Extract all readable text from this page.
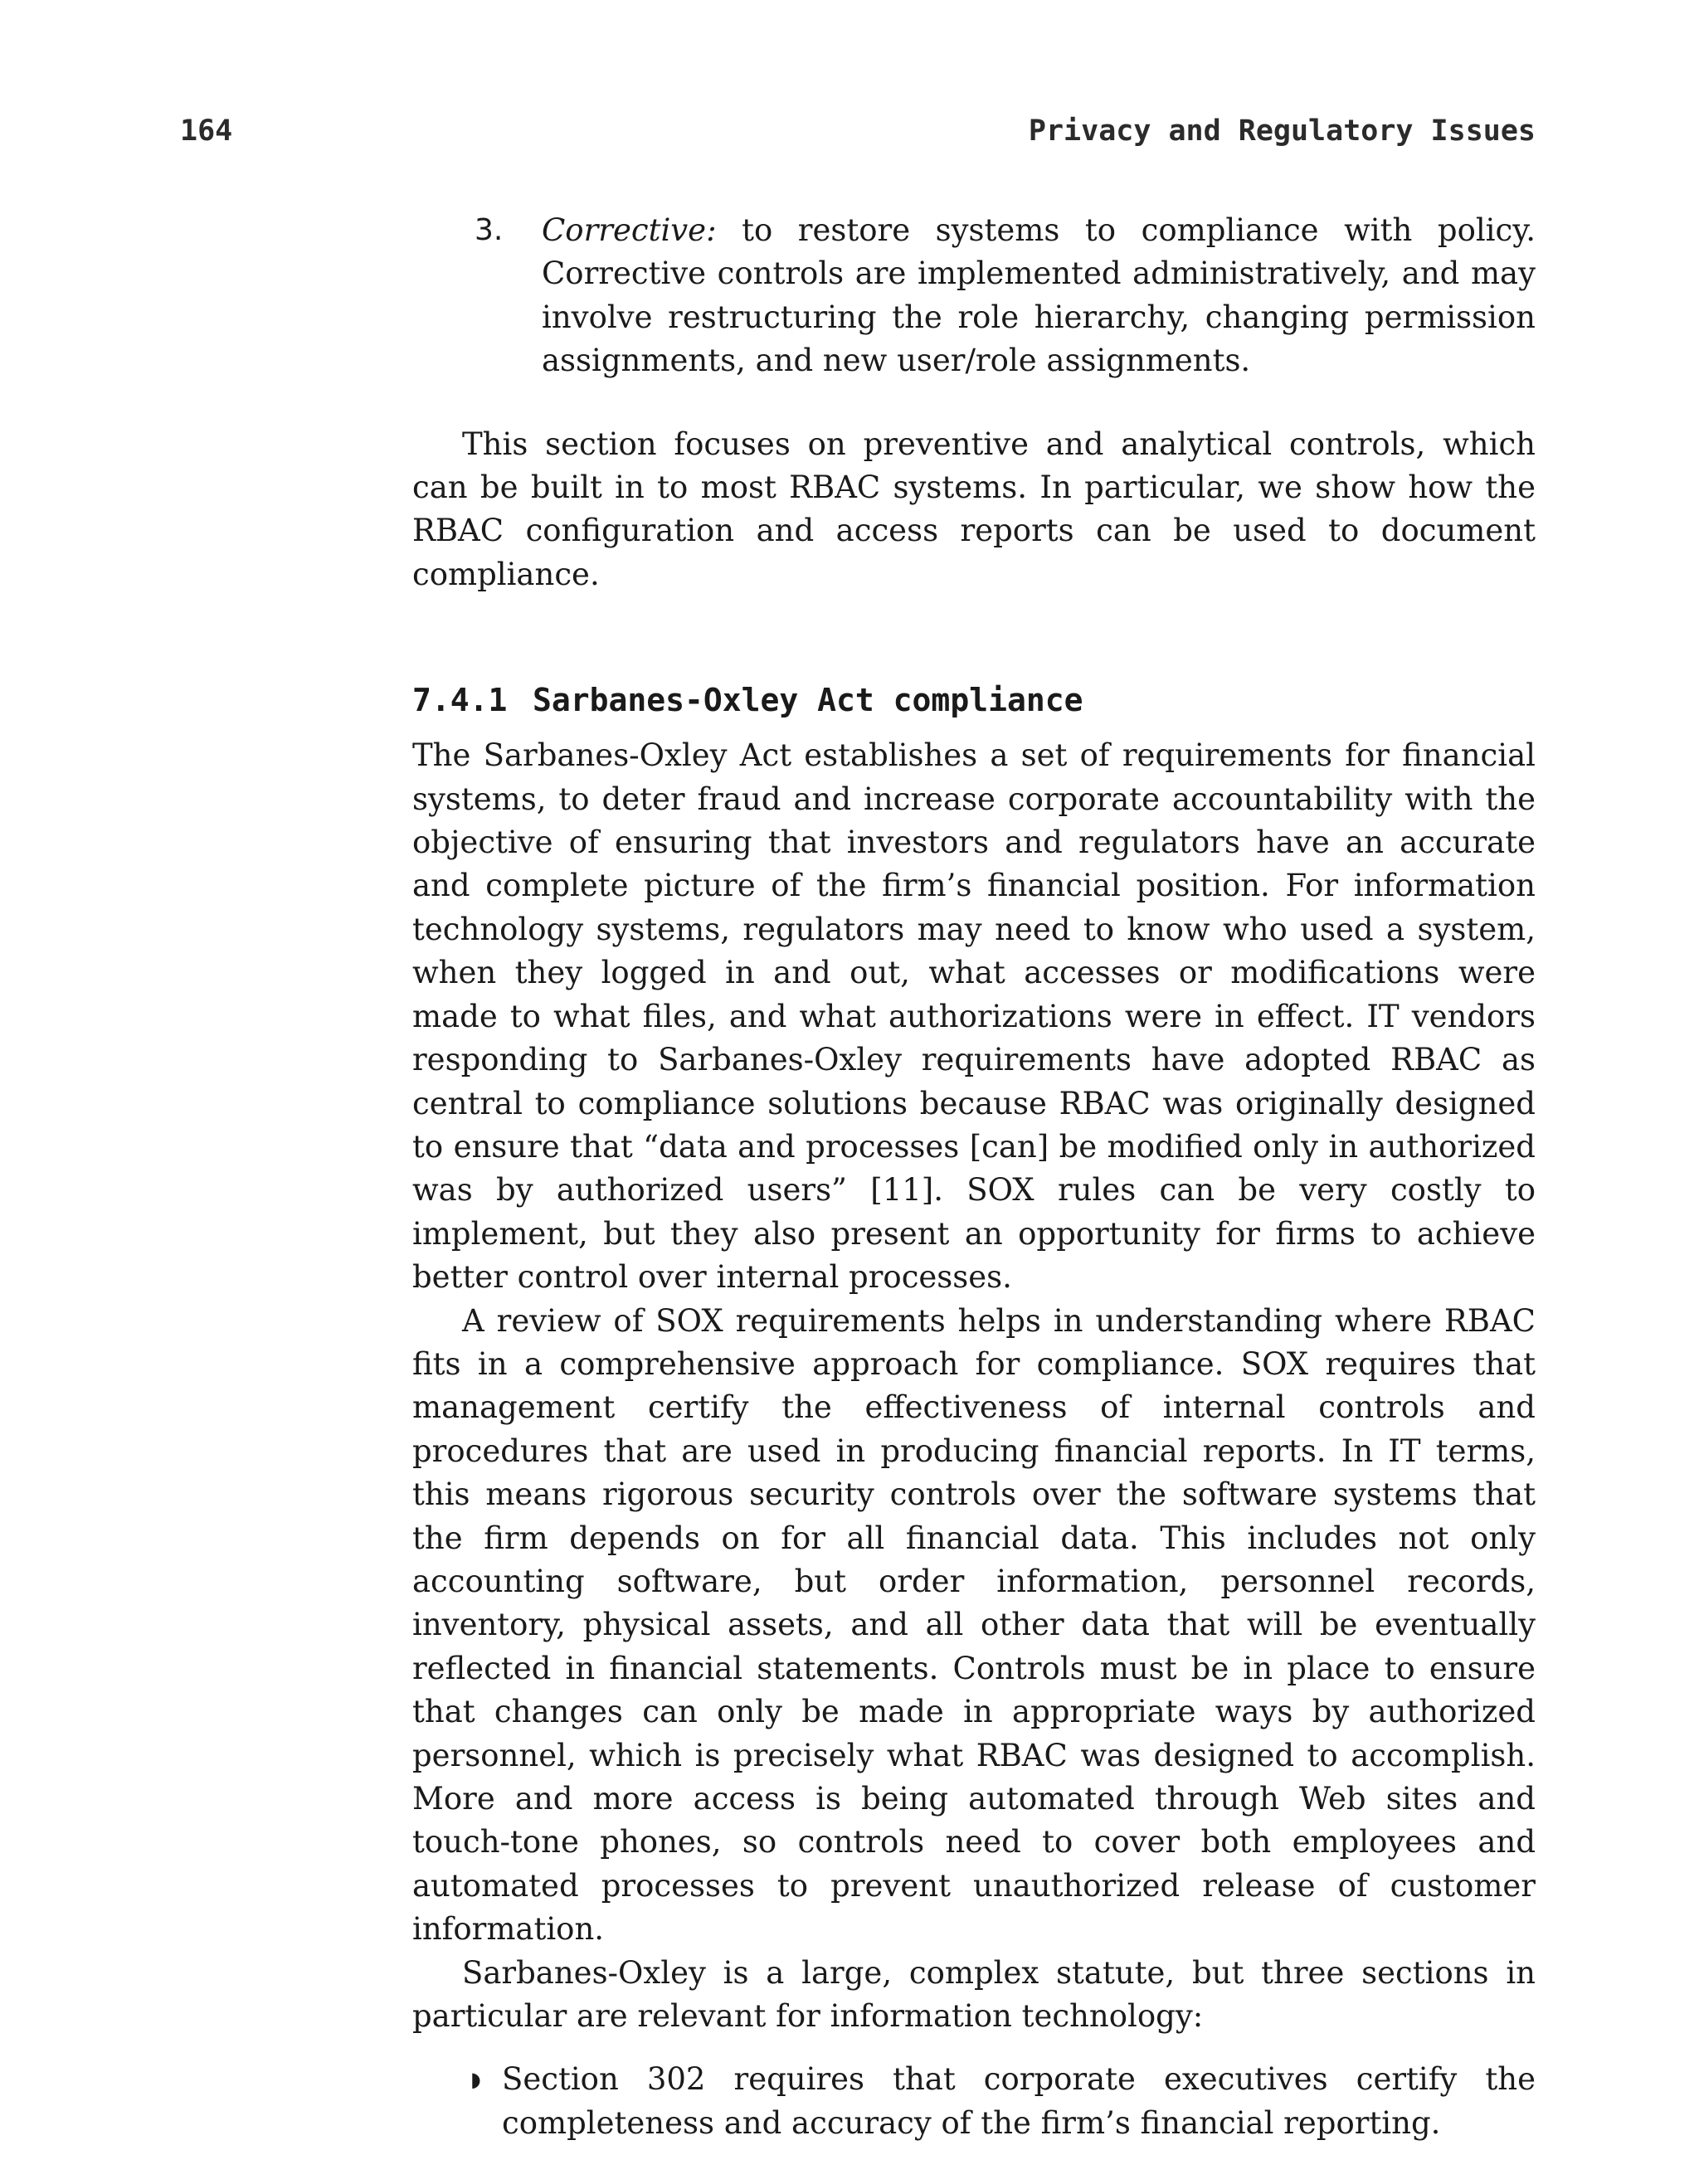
164	Privacy and Regulatory Issues

3. Corrective: to restore systems to compliance with policy. Corrective controls are implemented administratively, and may involve restructuring the role hierarchy, changing permission assignments, and new user/role assignments.

This section focuses on preventive and analytical controls, which can be built in to most RBAC systems. In particular, we show how the RBAC configuration and access reports can be used to document compliance.

7.4.1 Sarbanes-Oxley Act compliance

The Sarbanes-Oxley Act establishes a set of requirements for financial systems, to deter fraud and increase corporate accountability with the objective of ensuring that investors and regulators have an accurate and complete picture of the firm’s financial position. For information technology systems, regulators may need to know who used a system, when they logged in and out, what accesses or modifications were made to what files, and what authorizations were in effect. IT vendors responding to Sarbanes-Oxley requirements have adopted RBAC as central to compliance solutions because RBAC was originally designed to ensure that “data and processes [can] be modified only in authorized was by authorized users” [11]. SOX rules can be very costly to implement, but they also present an opportunity for firms to achieve better control over internal processes.

A review of SOX requirements helps in understanding where RBAC fits in a comprehensive approach for compliance. SOX requires that management certify the effectiveness of internal controls and procedures that are used in producing financial reports. In IT terms, this means rigorous security controls over the software systems that the firm depends on for all financial data. This includes not only accounting software, but order information, personnel records, inventory, physical assets, and all other data that will be eventually reflected in financial statements. Controls must be in place to ensure that changes can only be made in appropriate ways by authorized personnel, which is precisely what RBAC was designed to accomplish. More and more access is being automated through Web sites and touch-tone phones, so controls need to cover both employees and automated processes to prevent unauthorized release of customer information.

Sarbanes-Oxley is a large, complex statute, but three sections in particular are relevant for information technology:

◗ Section 302 requires that corporate executives certify the completeness and accuracy of the firm’s financial reporting.
